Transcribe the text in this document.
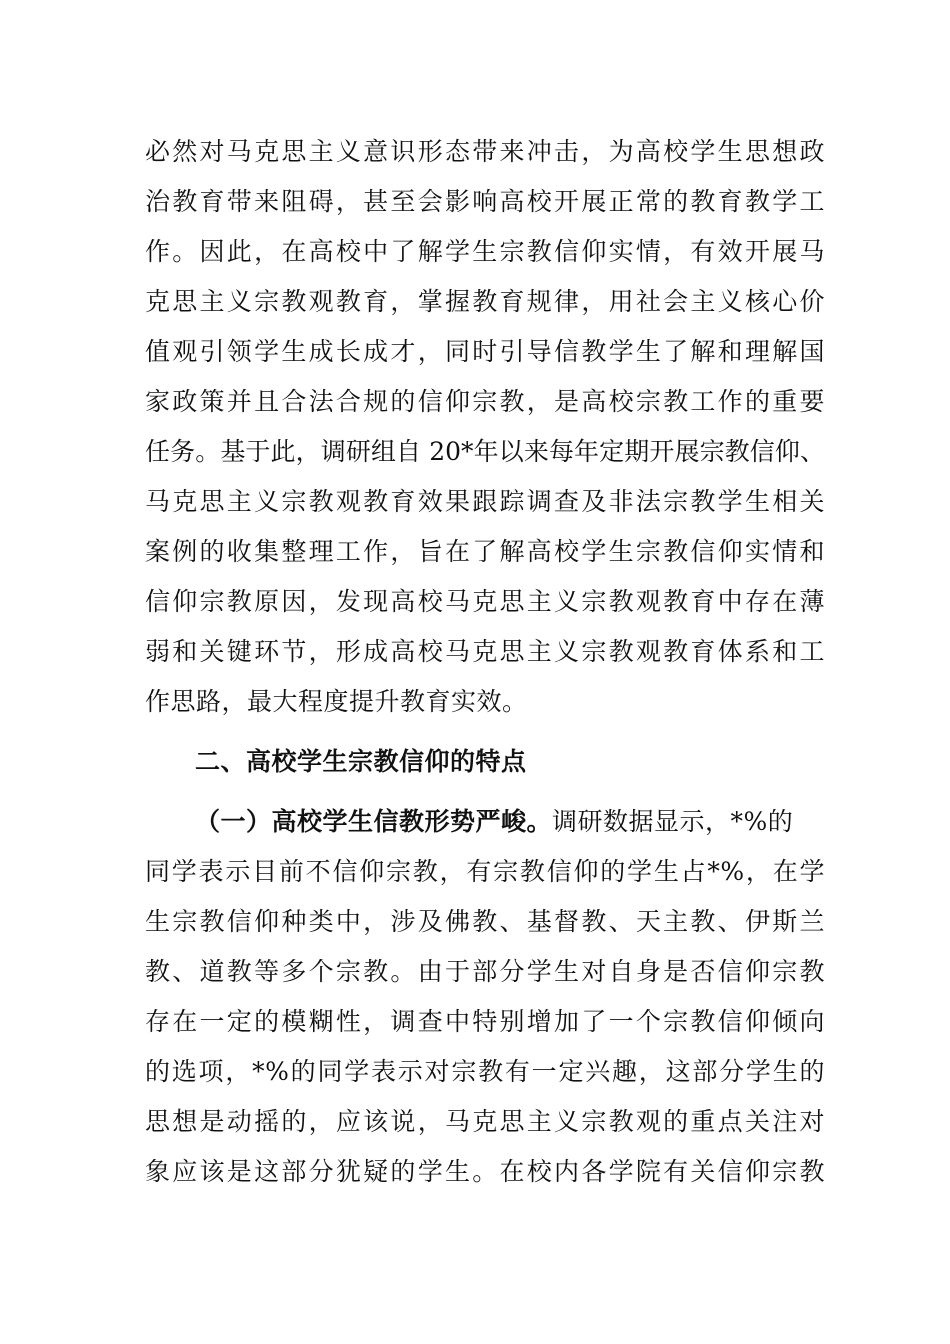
必然对马克思主义意识形态带来冲击，为高校学生思想政
治教育带来阻碍，甚至会影响高校开展正常的教育教学工
作。因此，在高校中了解学生宗教信仰实情，有效开展马
克思主义宗教观教育，掌握教育规律，用社会主义核心价
值观引领学生成长成才，同时引导信教学生了解和理解国
家政策并且合法合规的信仰宗教，是高校宗教工作的重要
任务。基于此，调研组自 20*年以来每年定期开展宗教信仰、
马克思主义宗教观教育效果跟踪调查及非法宗教学生相关
案例的收集整理工作，旨在了解高校学生宗教信仰实情和
信仰宗教原因，发现高校马克思主义宗教观教育中存在薄
弱和关键环节，形成高校马克思主义宗教观教育体系和工
作思路，最大程度提升教育实效。
二、高校学生宗教信仰的特点
（一）高校学生信教形势严峻。调研数据显示，*%的
同学表示目前不信仰宗教，有宗教信仰的学生占*%，在学
生宗教信仰种类中，涉及佛教、基督教、天主教、伊斯兰
教、道教等多个宗教。由于部分学生对自身是否信仰宗教
存在一定的模糊性，调查中特别增加了一个宗教信仰倾向
的选项，*%的同学表示对宗教有一定兴趣，这部分学生的
思想是动摇的，应该说，马克思主义宗教观的重点关注对
象应该是这部分犹疑的学生。在校内各学院有关信仰宗教
